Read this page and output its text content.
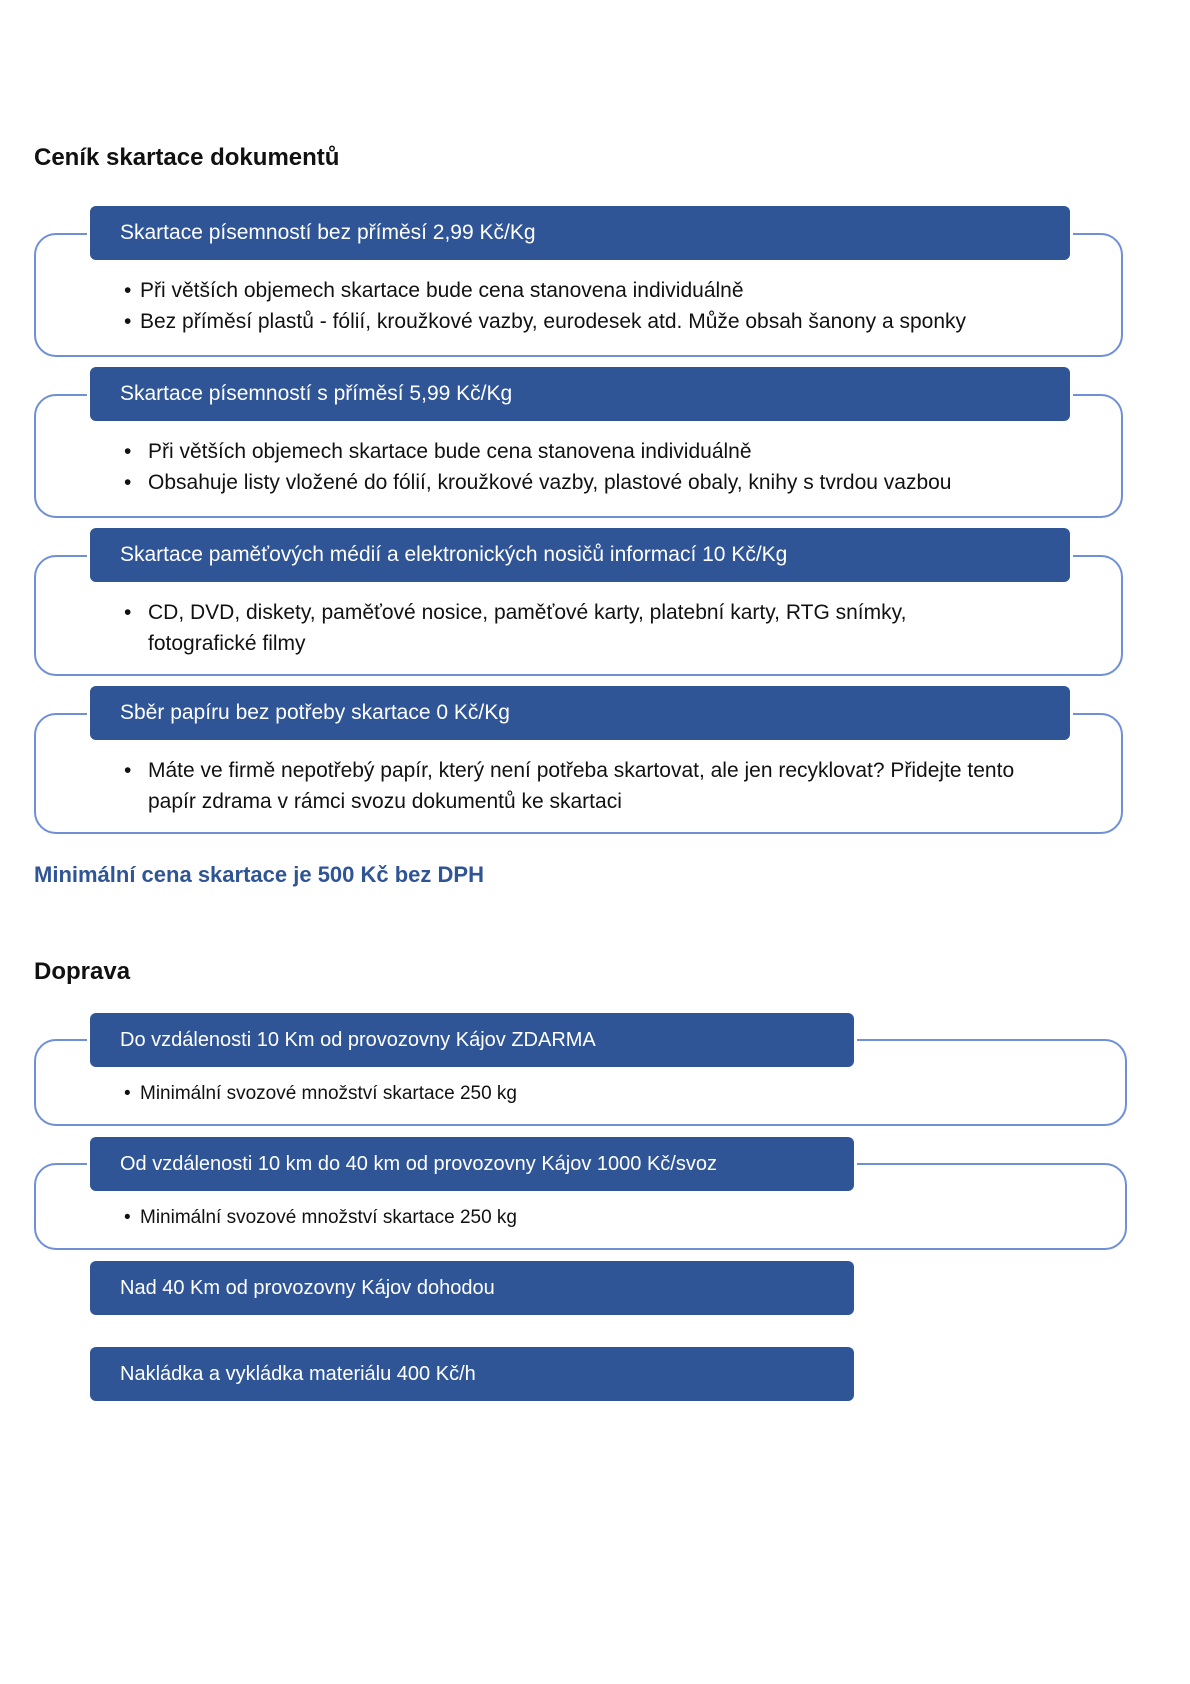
Ceník skartace dokumentů
Skartace písemností bez příměsí 2,99 Kč/Kg
• Při větších objemech skartace bude cena stanovena individuálně
• Bez příměsí plastů - fólií, kroužkové vazby, eurodesek atd. Může obsah šanony a sponky
Skartace písemností s příměsí 5,99 Kč/Kg
• Při větších objemech skartace bude cena stanovena individuálně
• Obsahuje listy vložené do fólií, kroužkové vazby, plastové obaly, knihy s tvrdou vazbou
Skartace paměťových médií a elektronických nosičů informací 10 Kč/Kg
• CD, DVD, diskety, paměťové nosice, paměťové karty, platební karty, RTG snímky, fotografické filmy
Sběr papíru bez potřeby skartace 0 Kč/Kg
• Máte ve firmě nepotřebý papír, který není potřeba skartovat, ale jen recyklovat? Přidejte tento papír zdrama v rámci svozu dokumentů ke skartaci

Minimální cena skartace je 500 Kč bez DPH

Doprava
Do vzdálenosti 10 Km od provozovny Kájov ZDARMA
• Minimální svozové množství skartace 250 kg
Od vzdálenosti 10 km do 40 km od provozovny Kájov 1000 Kč/svoz
• Minimální svozové množství skartace 250 kg
Nad 40 Km od provozovny Kájov dohodou
Nakládka a vykládka materiálu 400 Kč/h
